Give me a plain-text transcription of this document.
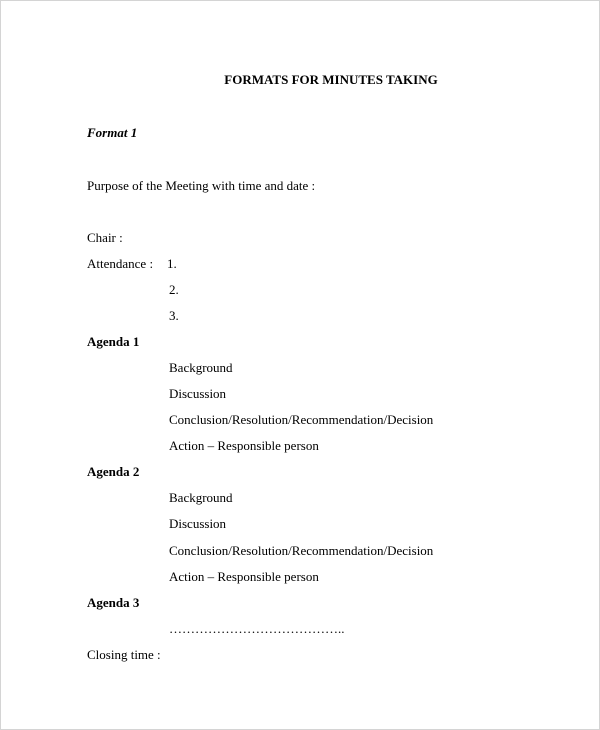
FORMATS FOR MINUTES TAKING
Format 1
Purpose of the Meeting with time and date :
Chair :
Attendance : 1.
2.
3.
Agenda 1
Background
Discussion
Conclusion/Resolution/Recommendation/Decision
Action – Responsible person
Agenda 2
Background
Discussion
Conclusion/Resolution/Recommendation/Decision
Action – Responsible person
Agenda 3
…………………………………..
Closing time :
